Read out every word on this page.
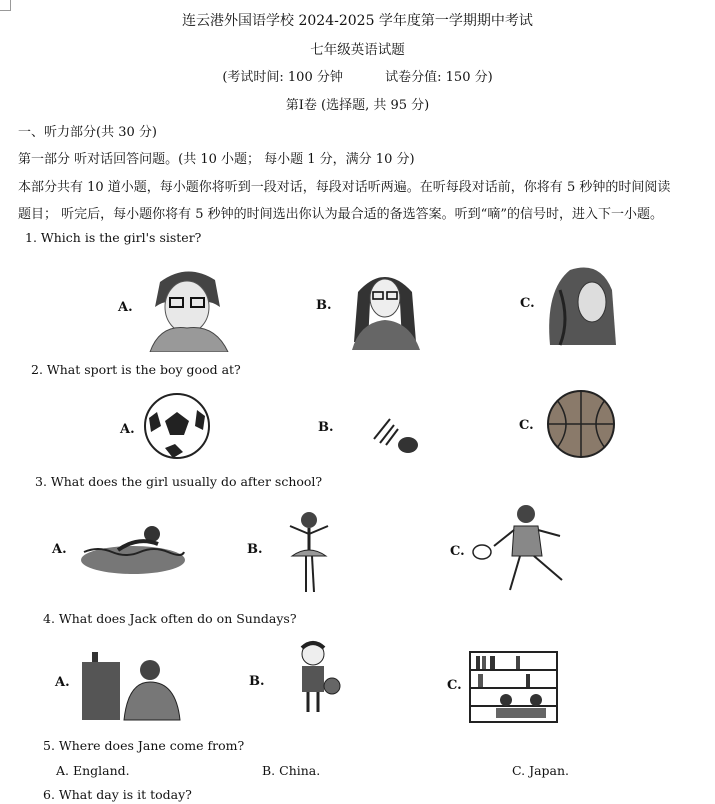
连云港外国语学校 2024-2025 学年度第一学期期中考试
七年级英语试题
(考试时间: 100 分钟	试卷分值: 150 分)
第Ⅰ卷 (选择题, 共 95 分)
一、听力部分(共 30 分)
第一部分 听对话回答问题。(共 10 小题； 每小题 1 分，满分 10 分)
本部分共有 10 道小题，每小题你将听到一段对话，每段对话听两遍。在听每段对话前，你将有 5 秒钟的时间阅读
题目； 听完后，每小题你将有 5 秒钟的时间选出你认为最合适的备选答案。听到“嘀”的信号时，进入下一小题。
1. Which is the girl's sister?
A.	B.	C.
2. What sport is the boy good at?
A.	B.	C.
3. What does the girl usually do after school?
A.	B.	C.
4. What does Jack often do on Sundays?
A.	B.	C.
5. Where does Jane come from?
A. England.	B. China.	C. Japan.
6. What day is it today?
